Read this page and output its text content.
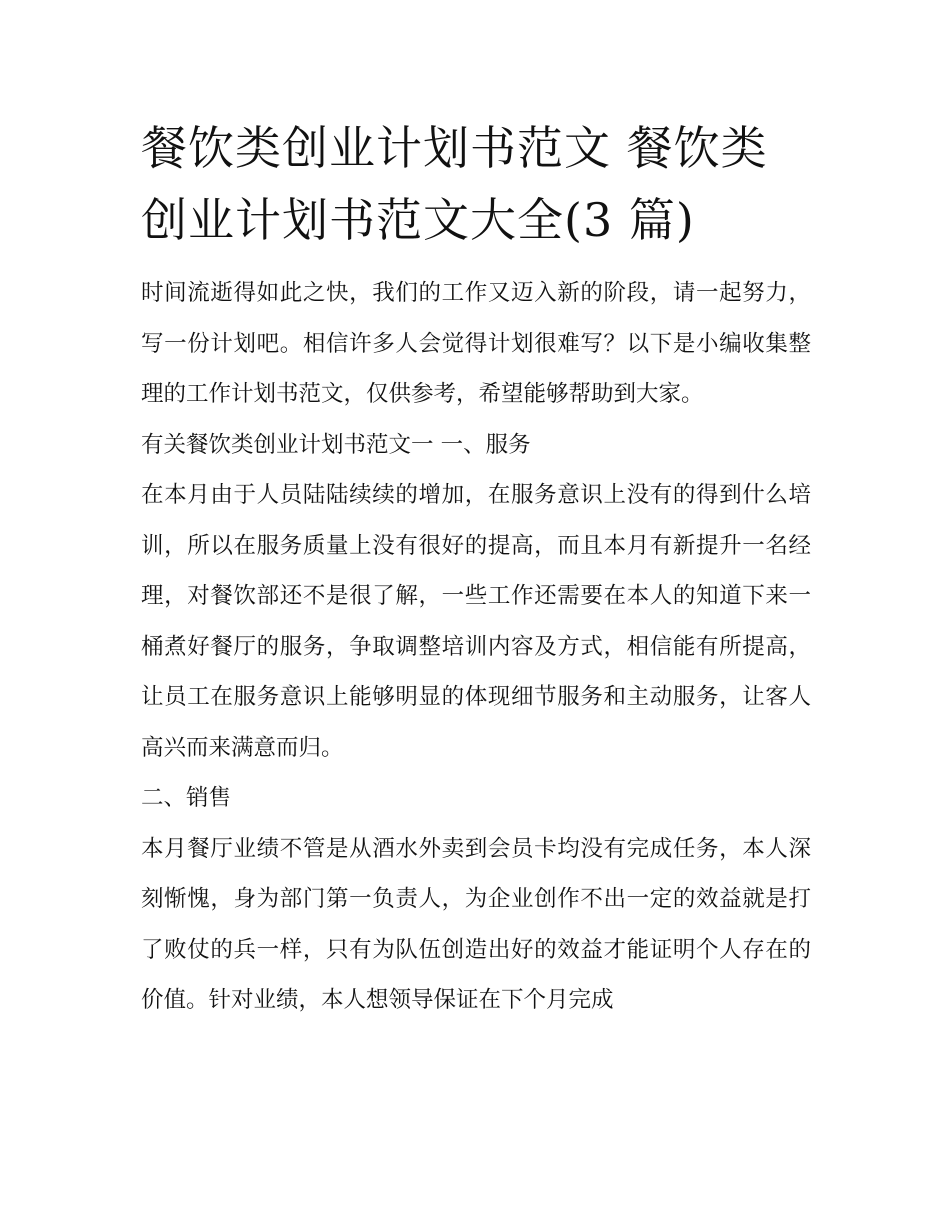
餐饮类创业计划书范文 餐饮类创业计划书范文大全(3 篇)

时间流逝得如此之快，我们的工作又迈入新的阶段，请一起努力，写一份计划吧。相信许多人会觉得计划很难写？以下是小编收集整理的工作计划书范文，仅供参考，希望能够帮助到大家。

有关餐饮类创业计划书范文一 一、服务

在本月由于人员陆陆续续的增加，在服务意识上没有的得到什么培训，所以在服务质量上没有很好的提高，而且本月有新提升一名经理，对餐饮部还不是很了解，一些工作还需要在本人的知道下来一桶煮好餐厅的服务，争取调整培训内容及方式，相信能有所提高，让员工在服务意识上能够明显的体现细节服务和主动服务，让客人高兴而来满意而归。

二、销售

本月餐厅业绩不管是从酒水外卖到会员卡均没有完成任务，本人深刻惭愧，身为部门第一负责人，为企业创作不出一定的效益就是打了败仗的兵一样，只有为队伍创造出好的效益才能证明个人存在的价值。针对业绩，本人想领导保证在下个月完成
